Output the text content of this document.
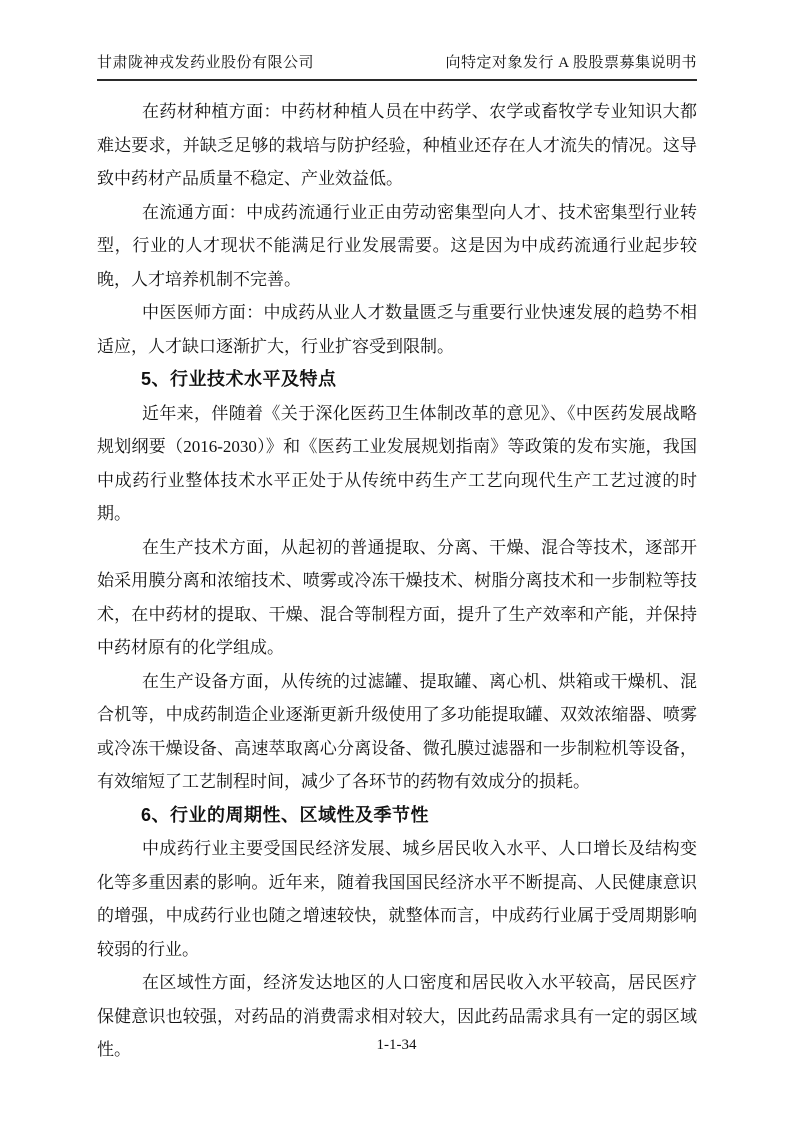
甘肃陇神戎发药业股份有限公司	向特定对象发行 A 股股票募集说明书

在药材种植方面：中药材种植人员在中药学、农学或畜牧学专业知识大都难达要求，并缺乏足够的栽培与防护经验，种植业还存在人才流失的情况。这导致中药材产品质量不稳定、产业效益低。

在流通方面：中成药流通行业正由劳动密集型向人才、技术密集型行业转型，行业的人才现状不能满足行业发展需要。这是因为中成药流通行业起步较晚，人才培养机制不完善。

中医医师方面：中成药从业人才数量匮乏与重要行业快速发展的趋势不相适应，人才缺口逐渐扩大，行业扩容受到限制。

5、行业技术水平及特点

近年来，伴随着《关于深化医药卫生体制改革的意见》、《中医药发展战略规划纲要（2016-2030）》和《医药工业发展规划指南》等政策的发布实施，我国中成药行业整体技术水平正处于从传统中药生产工艺向现代生产工艺过渡的时期。

在生产技术方面，从起初的普通提取、分离、干燥、混合等技术，逐部开始采用膜分离和浓缩技术、喷雾或冷冻干燥技术、树脂分离技术和一步制粒等技术，在中药材的提取、干燥、混合等制程方面，提升了生产效率和产能，并保持中药材原有的化学组成。

在生产设备方面，从传统的过滤罐、提取罐、离心机、烘箱或干燥机、混合机等，中成药制造企业逐渐更新升级使用了多功能提取罐、双效浓缩器、喷雾或冷冻干燥设备、高速萃取离心分离设备、微孔膜过滤器和一步制粒机等设备，有效缩短了工艺制程时间，减少了各环节的药物有效成分的损耗。

6、行业的周期性、区域性及季节性

中成药行业主要受国民经济发展、城乡居民收入水平、人口增长及结构变化等多重因素的影响。近年来，随着我国国民经济水平不断提高、人民健康意识的增强，中成药行业也随之增速较快，就整体而言，中成药行业属于受周期影响较弱的行业。

在区域性方面，经济发达地区的人口密度和居民收入水平较高，居民医疗保健意识也较强，对药品的消费需求相对较大，因此药品需求具有一定的弱区域性。	1-1-34
